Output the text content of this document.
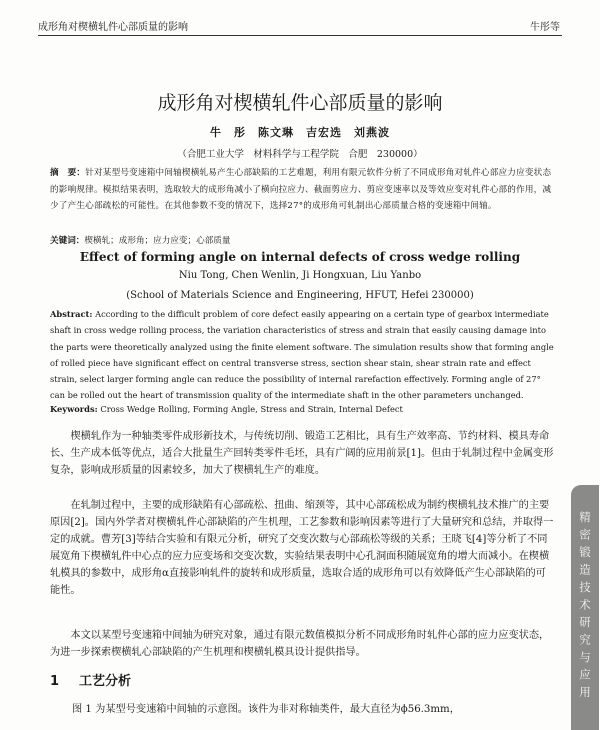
成形角对楔横轧件心部质量的影响	牛彤等
成形角对楔横轧件心部质量的影响
牛　彤　陈文琳　吉宏选　刘燕波
（合肥工业大学　材料科学与工程学院　合肥　230000）
摘　要：针对某型号变速箱中间轴楔横轧易产生心部缺陷的工艺难题，利用有限元软件分析了不同成形角对轧件心部应力应变状态的影响规律。模拟结果表明，选取较大的成形角减小了横向拉应力、截面剪应力、剪应变速率以及等效应变对轧件心部的作用，减少了产生心部疏松的可能性。在其他参数不变的情况下，选择27°的成形角可轧制出心部质量合格的变速箱中间轴。
关键词：楔横轧；成形角；应力应变；心部质量
Effect of forming angle on internal defects of cross wedge rolling
Niu Tong, Chen Wenlin, Ji Hongxuan, Liu Yanbo
(School of Materials Science and Engineering, HFUT, Hefei 230000)
Abstract: According to the difficult problem of core defect easily appearing on a certain type of gearbox intermediate shaft in cross wedge rolling process, the variation characteristics of stress and strain that easily causing damage into the parts were theoretically analyzed using the finite element software. The simulation results show that forming angle of rolled piece have significant effect on central transverse stress, section shear stain, shear strain rate and effect strain, select larger forming angle can reduce the possibility of internal rarefaction effectively. Forming angle of 27° can be rolled out the heart of transmission quality of the intermediate shaft in the other parameters unchanged.
Keywords: Cross Wedge Rolling, Forming Angle, Stress and Strain, Internal Defect

楔横轧作为一种轴类零件成形新技术，与传统切削、锻造工艺相比，具有生产效率高、节约材料、模具寿命长、生产成本低等优点，适合大批量生产回转类零件毛坯，具有广阔的应用前景[1]。但由于轧制过程中金属变形复杂，影响成形质量的因素较多，加大了楔横轧生产的难度。

在轧制过程中，主要的成形缺陷有心部疏松、扭曲、缩颈等，其中心部疏松成为制约楔横轧技术推广的主要原因[2]。国内外学者对楔横轧件心部缺陷的产生机理，工艺参数和影响因素等进行了大量研究和总结，并取得一定的成就。曹芳[3]等结合实验和有限元分析，研究了交变次数与心部疏松等级的关系；王晓飞[4]等分析了不同展宽角下楔横轧件中心点的应力应变场和交变次数，实验结果表明中心孔洞面积随展宽角的增大而减小。在楔横轧模具的参数中，成形角α直接影响轧件的旋转和成形质量，选取合适的成形角可以有效降低产生心部缺陷的可能性。

本文以某型号变速箱中间轴为研究对象，通过有限元数值模拟分析不同成形角时轧件心部的应力应变状态，为进一步探索楔横轧心部缺陷的产生机理和楔横轧模具设计提供指导。

1 工艺分析
图 1 为某型号变速箱中间轴的示意图。该件为非对称轴类件，最大直径为ϕ56.3mm，
精密锻造技术研究与应用
